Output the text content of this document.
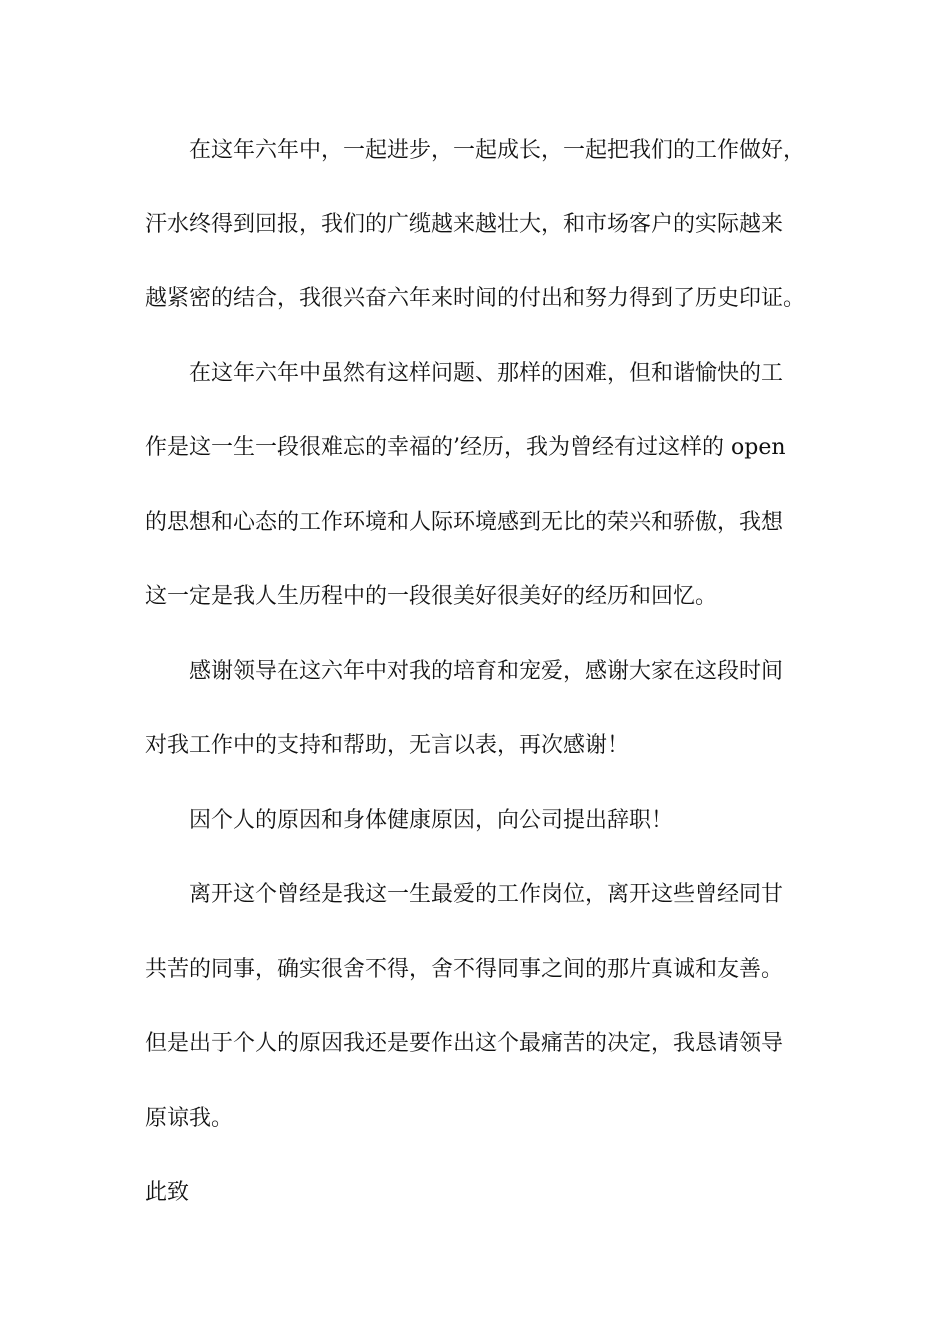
在这年六年中，一起进步，一起成长，一起把我们的工作做好，
汗水终得到回报，我们的广缆越来越壮大，和市场客户的实际越来
越紧密的结合，我很兴奋六年来时间的付出和努力得到了历史印证。
在这年六年中虽然有这样问题、那样的困难，但和谐愉快的工
作是这一生一段很难忘的幸福的’经历，我为曾经有过这样的 open
的思想和心态的工作环境和人际环境感到无比的荣兴和骄傲，我想
这一定是我人生历程中的一段很美好很美好的经历和回忆。
感谢领导在这六年中对我的培育和宠爱，感谢大家在这段时间
对我工作中的支持和帮助，无言以表，再次感谢！
因个人的原因和身体健康原因，向公司提出辞职！
离开这个曾经是我这一生最爱的工作岗位，离开这些曾经同甘
共苦的同事，确实很舍不得，舍不得同事之间的那片真诚和友善。
但是出于个人的原因我还是要作出这个最痛苦的决定，我恳请领导
原谅我。
此致
